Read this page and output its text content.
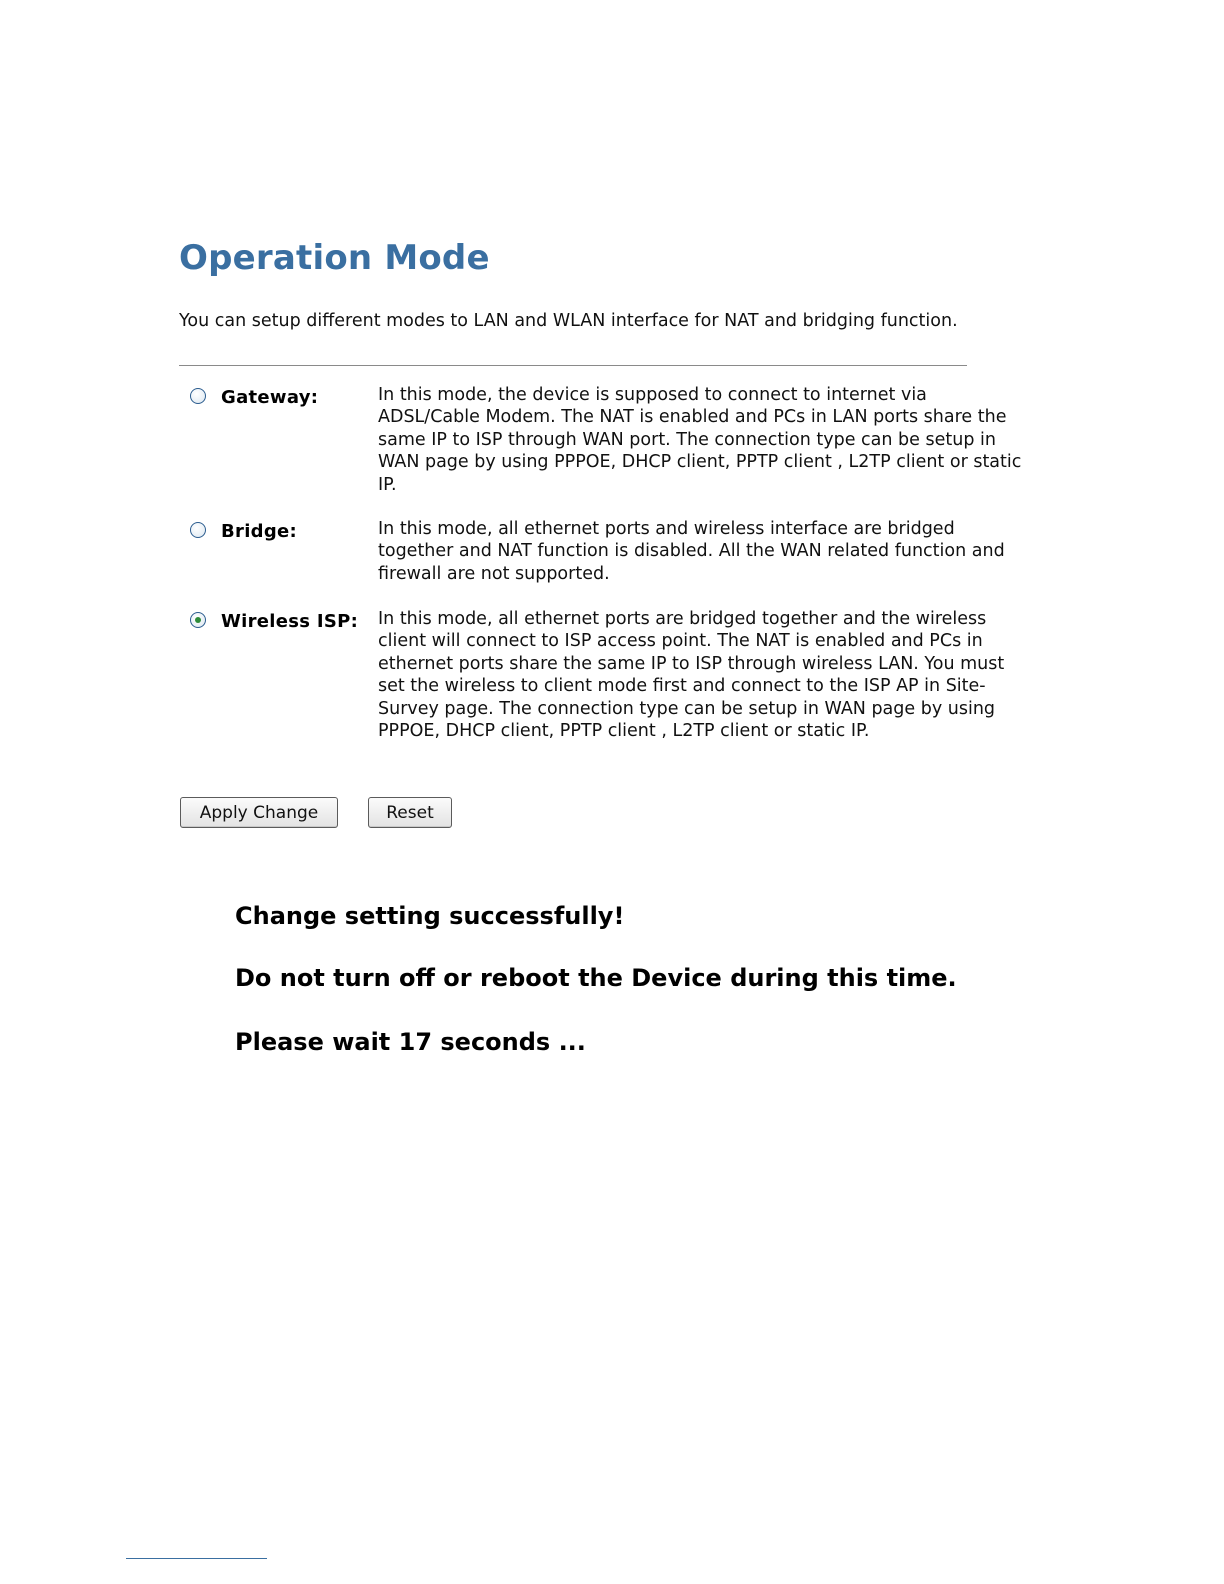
Operation Mode
You can setup different modes to LAN and WLAN interface for NAT and bridging function.
Gateway:	In this mode, the device is supposed to connect to internet via ADSL/Cable Modem. The NAT is enabled and PCs in LAN ports share the same IP to ISP through WAN port. The connection type can be setup in WAN page by using PPPOE, DHCP client, PPTP client , L2TP client or static IP.
Bridge:	In this mode, all ethernet ports and wireless interface are bridged together and NAT function is disabled. All the WAN related function and firewall are not supported.
Wireless ISP: In this mode, all ethernet ports are bridged together and the wireless client will connect to ISP access point. The NAT is enabled and PCs in ethernet ports share the same IP to ISP through wireless LAN. You must set the wireless to client mode first and connect to the ISP AP in Site-Survey page. The connection type can be setup in WAN page by using PPPOE, DHCP client, PPTP client , L2TP client or static IP.
Apply Change	Reset

Change setting successfully!

Do not turn off or reboot the Device during this time.

Please wait 17 seconds ...
